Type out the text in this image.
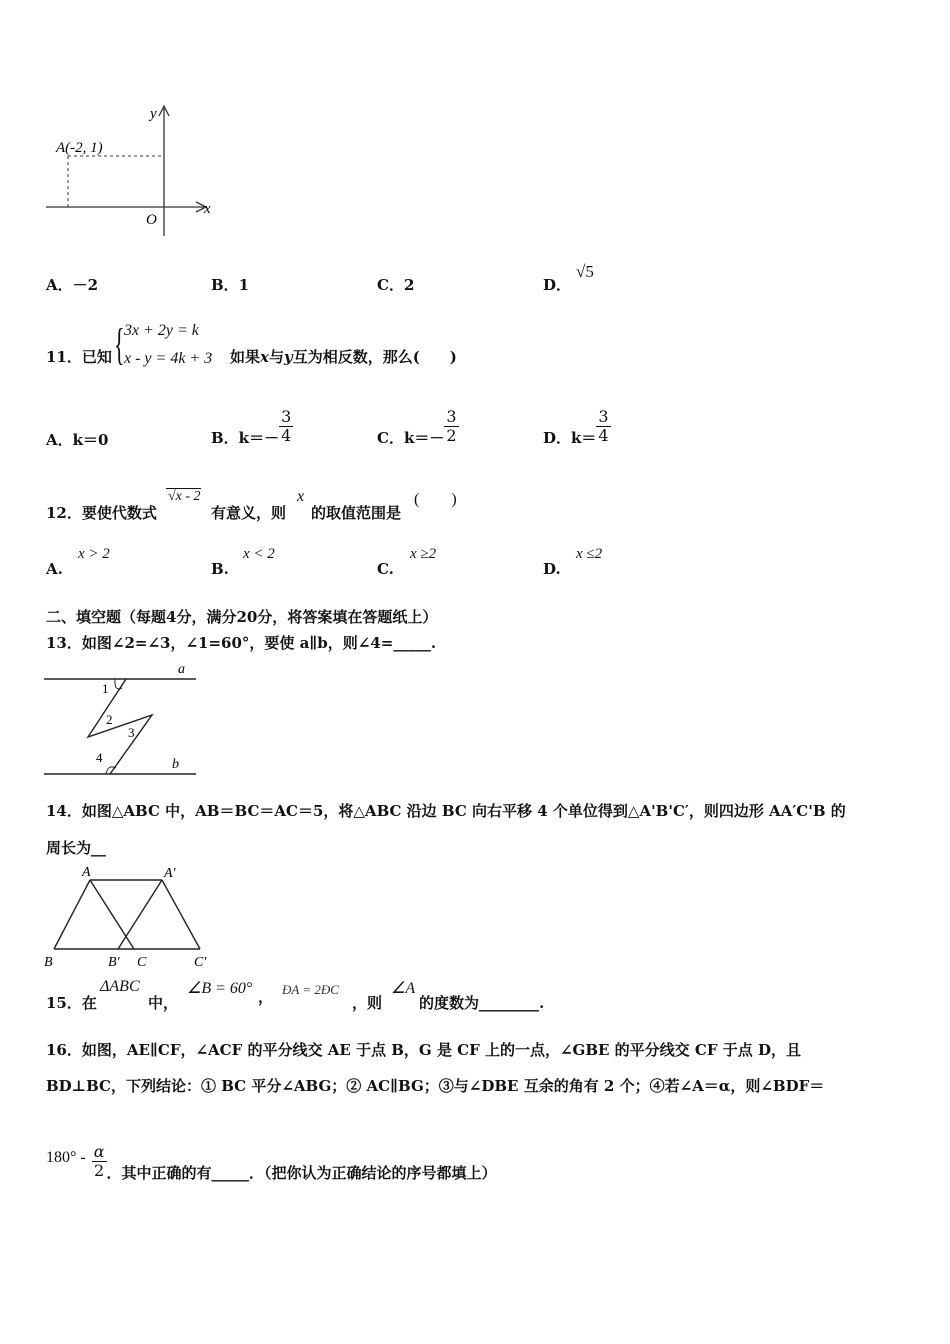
y
A(-2, 1)
O
x
A．－2	B．1	C．2	D．
√5
11．已知 { 3x + 2y = k
x - y = 4k + 3 如果x与y互为相反数，那么(　　)
A．k＝0	B．$k=- \frac{3}{4}$	C．$k=- \frac{3}{2}$	D．$k= \frac{3}{4}$
12．要使代数式
√x - 2
有意义，则
x
的取值范围是
(　　)
A.
x > 2
B.
x < 2
C.
x ≥2
D.
x ≤2
二、填空题（每题4分，满分20分，将答案填在答题纸上）
13．如图∠2=∠3，∠1=60°，要使 a∥b，则∠4=_____.
a
b
1
2
3
4
14．如图△ABC 中，AB＝BC＝AC＝5，将△ABC 沿边 BC 向右平移 4 个单位得到△A'B'C′，则四边形 AA′C'B 的
周长为__
A	A′
B	B′ C	C′
15．在
ΔABC
中，
∠B = 60° ， ÐA = 2ÐC
，则
∠A
的度数为________.
16．如图，AE∥CF，∠ACF 的平分线交 AE 于点 B，G 是 CF 上的一点，∠GBE 的平分线交 CF 于点 D，且
BD⊥BC，下列结论：① BC 平分∠ABG；② AC∥BG；③与∠DBE 互余的角有 2 个；④若∠A＝α，则∠BDF＝
$180^\circ - \frac{\alpha}{2}$ ．其中正确的有_____．（把你认为正确结论的序号都填上）
